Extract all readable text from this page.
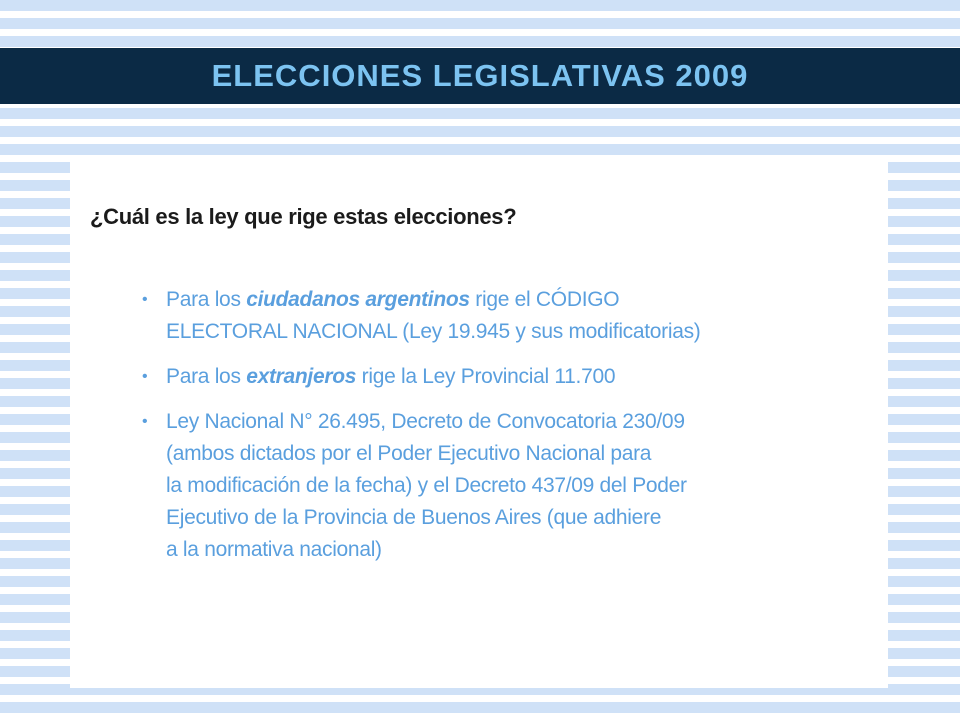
ELECCIONES LEGISLATIVAS 2009
¿Cuál es la ley que rige estas elecciones?
• Para los ciudadanos argentinos rige el CÓDIGO
ELECTORAL NACIONAL (Ley 19.945 y sus modificatorias)
• Para los extranjeros rige la Ley Provincial 11.700
• Ley Nacional N° 26.495, Decreto de Convocatoria 230/09
(ambos dictados por el Poder Ejecutivo Nacional para
la modificación de la fecha) y el Decreto 437/09 del Poder
Ejecutivo de la Provincia de Buenos Aires (que adhiere
a la normativa nacional)
